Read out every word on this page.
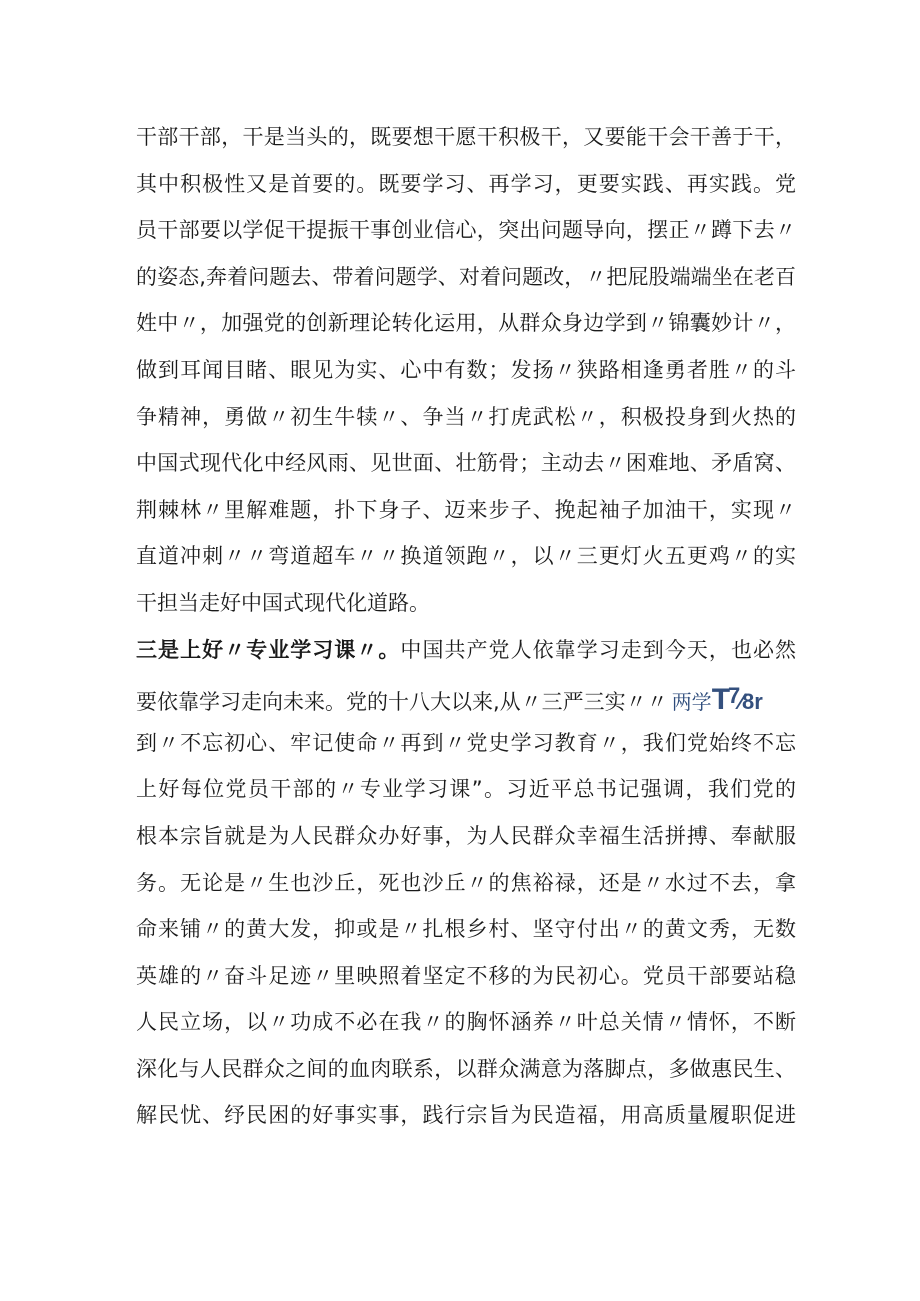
干部干部，干是当头的，既要想干愿干积极干，又要能干会干善于干，
其中积极性又是首要的。既要学习、再学习，更要实践、再实践。党
员干部要以学促干提振干事创业信心，突出问题导向，摆正〃蹲下去〃
的姿态,奔着问题去、带着问题学、对着问题改，〃把屁股端端坐在老百
姓中〃，加强党的创新理论转化运用，从群众身边学到〃锦囊妙计〃，
做到耳闻目睹、眼见为实、心中有数；发扬〃狭路相逢勇者胜〃的斗
争精神，勇做〃初生牛犊〃、争当〃打虎武松〃，积极投身到火热的
中国式现代化中经风雨、见世面、壮筋骨；主动去〃困难地、矛盾窝、
荆棘林〃里解难题，扑下身子、迈来步子、挽起袖子加油干，实现〃
直道冲刺〃〃弯道超车〃〃换道领跑〃，以〃三更灯火五更鸡〃的实
干担当走好中国式现代化道路。
三是上好〃专业学习课〃。中国共产党人依靠学习走到今天，也必然
要依靠学习走向未来。党的十八大以来,从〃三严三实〃〃 两学T7⁄8r
到〃不忘初心、牢记使命〃再到〃党史学习教育〃，我们党始终不忘
上好每位党员干部的〃专业学习课”。习近平总书记强调，我们党的
根本宗旨就是为人民群众办好事，为人民群众幸福生活拼搏、奉献服
务。无论是〃生也沙丘，死也沙丘〃的焦裕禄，还是〃水过不去，拿
命来铺〃的黄大发，抑或是〃扎根乡村、坚守付出〃的黄文秀，无数
英雄的〃奋斗足迹〃里映照着坚定不移的为民初心。党员干部要站稳
人民立场，以〃功成不必在我〃的胸怀涵养〃叶总关情〃情怀，不断
深化与人民群众之间的血肉联系，以群众满意为落脚点，多做惠民生、
解民忧、纾民困的好事实事，践行宗旨为民造福，用高质量履职促进
